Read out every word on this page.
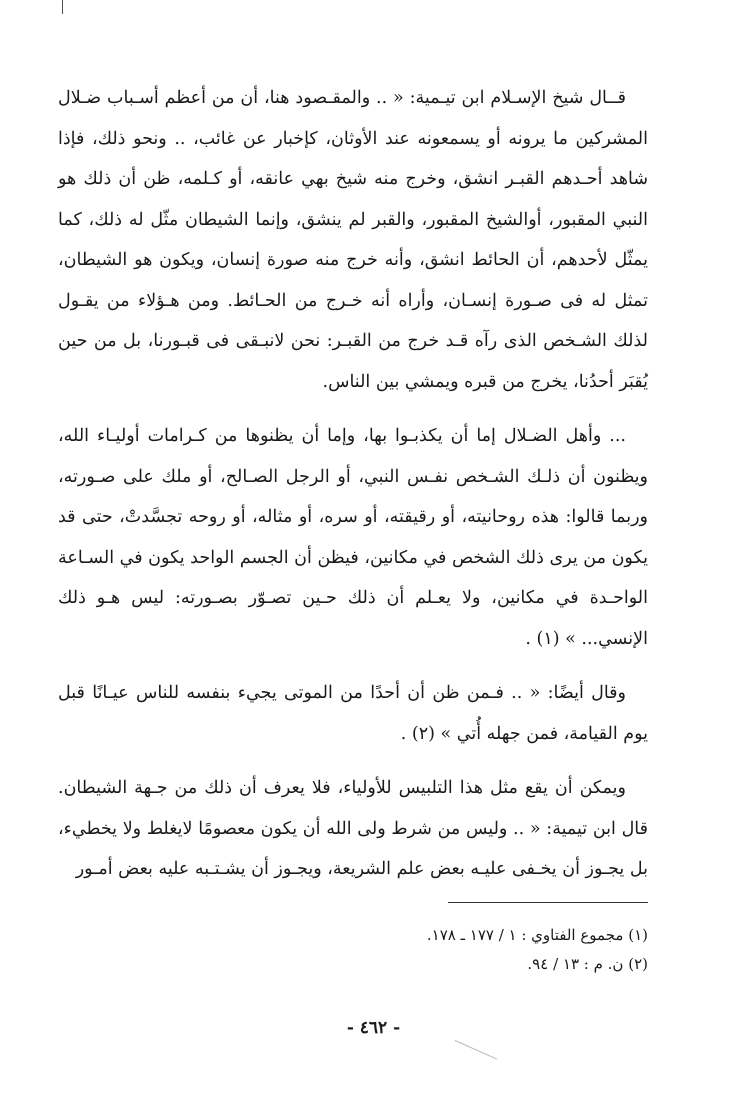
قــال شيخ الإسـلام ابن تيـمية: « .. والمقـصود هنا، أن من أعظم أسـباب ضـلال المشركين ما يرونه أو يسمعونه عند الأوثان، كإخبار عن غائب، .. ونحو ذلك، فإذا شاهد أحـدهم القبـر انشق، وخرج منه شيخ بهي عانقه، أو كـلمه، ظن أن ذلك هو النبي المقبور، أوالشيخ المقبور، والقبر لم ينشق، وإنما الشيطان مثّل له ذلك، كما يمثّل لأحدهم، أن الحائط انشق، وأنه خرج منه صورة إنسان، ويكون هو الشيطان، تمثل له فى صـورة إنسـان، وأراه أنه خـرج من الحـائط. ومن هـؤلاء من يقـول لذلك الشـخص الذى رآه قـد خرج من القبـر: نحن لانبـقى فى قبـورنا، بل من حين يُقبَر أحدُنا، يخرج من قبره ويمشي بين الناس.

... وأهل الضـلال إما أن يكذبـوا بها، وإما أن يظنوها من كـرامات أوليـاء الله، ويظنون أن ذلـك الشـخص نفـس النبي، أو الرجل الصـالح، أو ملك على صـورته، وربما قالوا: هذه روحانيته، أو رقيقته، أو سره، أو مثاله، أو روحه تجسَّدتْ، حتى قد يكون من يرى ذلك الشخص في مكانين، فيظن أن الجسم الواحد يكون في السـاعة الواحـدة في مكانين، ولا يعـلم أن ذلك حـين تصـوّر بصـورته: ليس هـو ذلك الإنسي... » (١) .

وقال أيضًا: « .. فـمن ظن أن أحدًا من الموتى يجيء بنفسه للناس عيـانًا قبل يوم القيامة، فمن جهله أُتي » (٢) .

ويمكن أن يقع مثل هذا التلبيس للأولياء، فلا يعرف أن ذلك من جـهة الشيطان. قال ابن تيمية: « .. وليس من شرط ولى الله أن يكون معصومًا لايغلط ولا يخطيء، بل يجـوز أن يخـفى عليـه بعض علم الشريعة، ويجـوز أن يشـتـبه عليه بعض أمـور

(١) مجموع الفتاوي : ١ / ١٧٧ ـ ١٧٨.

(٢) ن. م : ١٣ / ٩٤.

- ٤٦٢ -
